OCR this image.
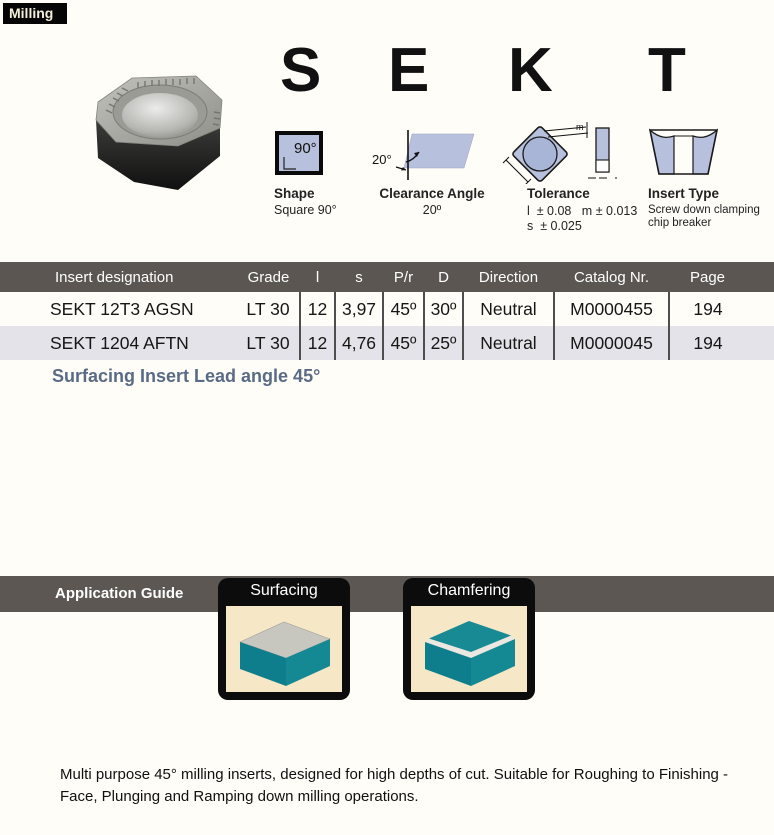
Milling
S E K T
90°
Shape
Square 90°
20°
Clearance Angle
20º
m
Tolerance
l  ± 0.08   m ± 0.013
s  ± 0.025
Insert Type
Screw down clamping
chip breaker
Insert designation	Grade	l	s	P/r	D	Direction	Catalog Nr.	Page
SEKT 12T3 AGSN	LT 30	12	3,97	45º	30º	Neutral	M0000455	194
SEKT 1204 AFTN	LT 30	12	4,76	45º	25º	Neutral	M0000045	194
Surfacing Insert Lead angle 45°
Application Guide	Surfacing	Chamfering

Multi purpose 45° milling inserts, designed for high depths of cut. Suitable for Roughing to Finishing - Face, Plunging and Ramping down milling operations.
